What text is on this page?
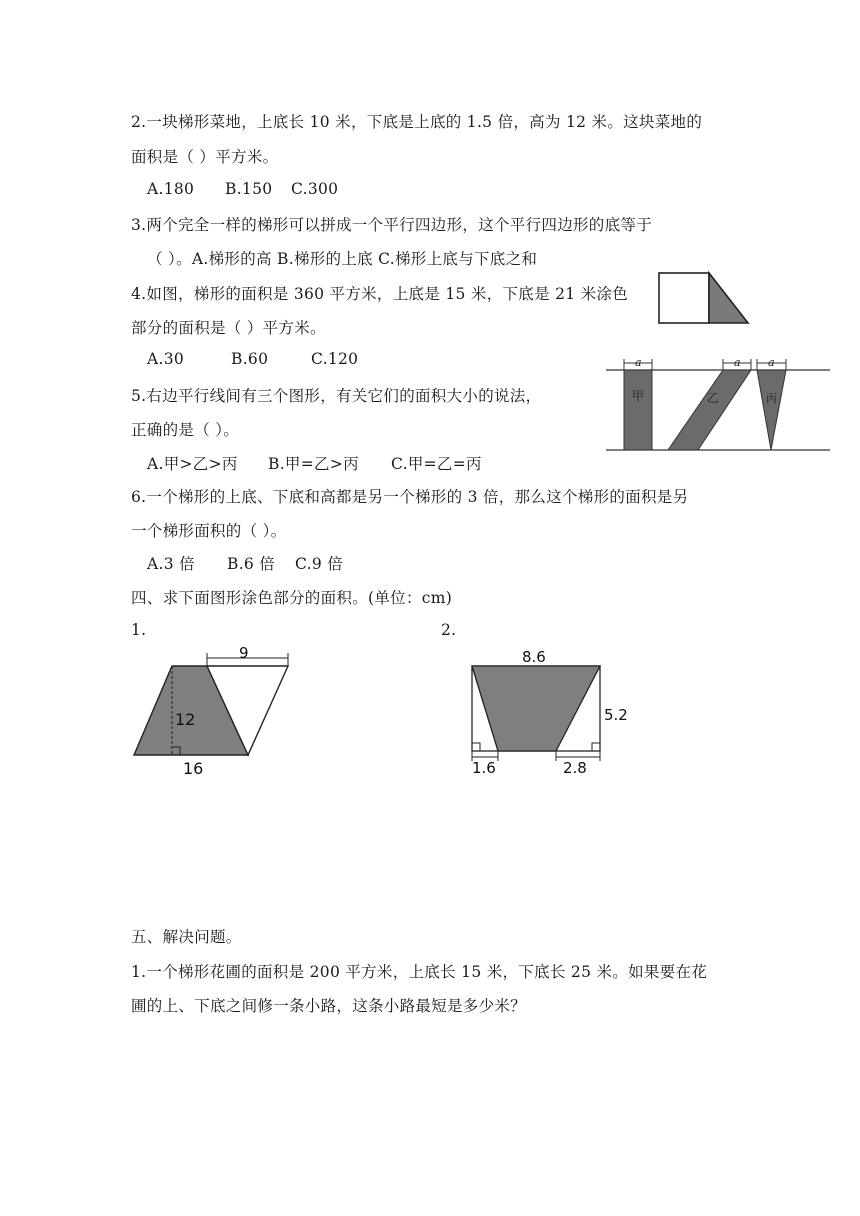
2.一块梯形菜地，上底长 10 米，下底是上底的 1.5 倍，高为 12 米。这块菜地的
面积是（ ）平方米。
A.180 B.150 C.300
3.两个完全一样的梯形可以拼成一个平行四边形，这个平行四边形的底等于
（ ）。A.梯形的高 B.梯形的上底 C.梯形上底与下底之和
4.如图，梯形的面积是 360 平方米，上底是 15 米，下底是 21 米涂色
部分的面积是（ ）平方米。
A.30	B.60	C.120
5.右边平行线间有三个图形，有关它们的面积大小的说法，
正确的是（ ）。
A.甲>乙>丙 B.甲=乙>丙 C.甲=乙=丙
a	a a
甲	乙	丙
6.一个梯形的上底、下底和高都是另一个梯形的 3 倍，那么这个梯形的面积是另
一个梯形面积的（ ）。
A.3 倍 B.6 倍 C.9 倍
四、求下面图形涂色部分的面积。(单位：cm)
1.	2.
9
12
16
8.6
5.2
1.6	2.8
五、解决问题。
1.一个梯形花圃的面积是 200 平方米，上底长 15 米，下底长 25 米。如果要在花
圃的上、下底之间修一条小路，这条小路最短是多少米？
